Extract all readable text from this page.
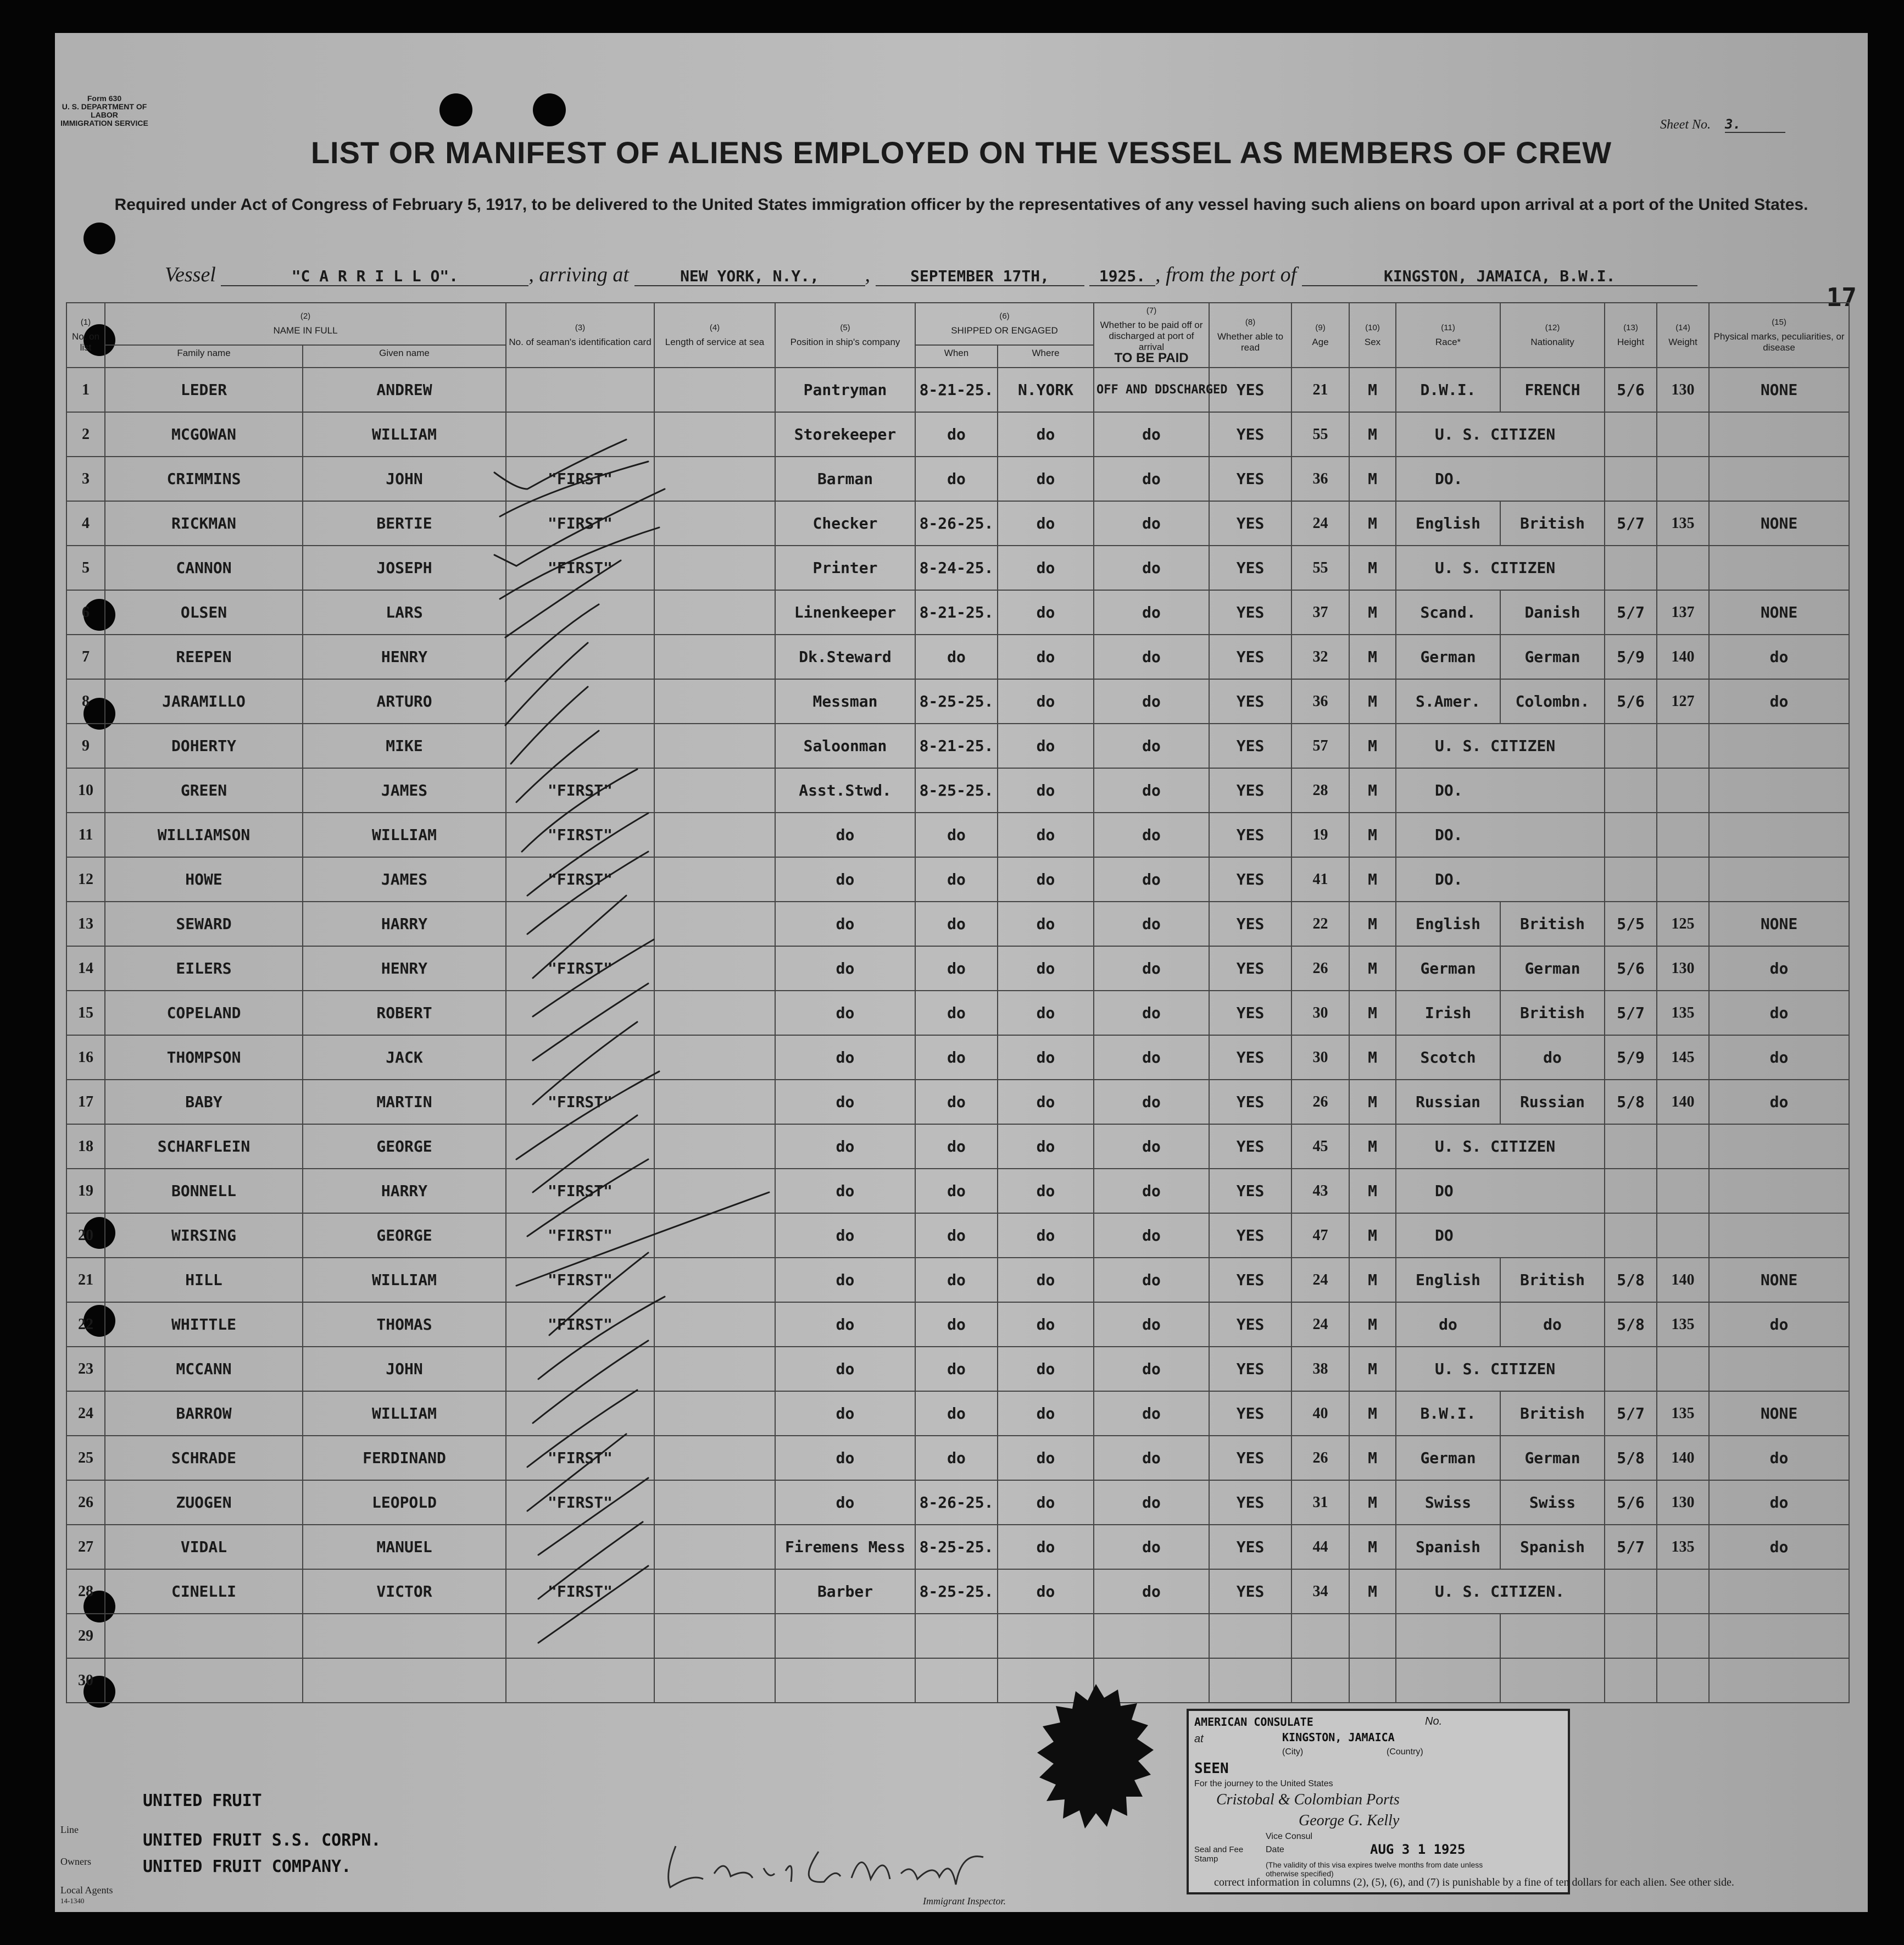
Form 630
U. S. DEPARTMENT OF LABOR
IMMIGRATION SERVICE	Sheet No. 3.
LIST OR MANIFEST OF ALIENS EMPLOYED ON THE VESSEL AS MEMBERS OF CREW
Required under Act of Congress of February 5, 1917, to be delivered to the United States immigration officer by the representatives of any vessel having such aliens on board upon arrival at a port of the United States.
Vessel	"C A R R I L L O".	, arriving at	NEW YORK, N.Y., , SEPTEMBER 17TH,	1925. , from the port of	KINGSTON, JAMAICA, B.W.I.
17
(1)
No. on list	(2)
NAME IN FULL		(3)
No. of seaman's identification card	(4)
Length of service at sea	(5)
Position in ship's company	(6)
SHIPPED OR ENGAGED		(7)
Whether to be paid off or discharged at port of arrival
TO BE PAID	(8)
Whether able to read	(9)
Age	(10)
Sex	(11)
Race*	(12)
Nationality	(13)
Height	(14)
Weight	(15)
Physical marks, peculiarities, or disease
	Family name	Given name				When	Where									
1	LEDER	ANDREW			Pantryman	8-21-25.	N.YORK	OFF AND DDSCHARGED	YES	21	M	D.W.I.	FRENCH	5/6	130	NONE
2	MCGOWAN	WILLIAM			Storekeeper	do	do	do	YES	55	M	U. S. CITIZEN				
3	CRIMMINS	JOHN	"FIRST"		Barman	do	do	do	YES	36	M	DO.				
4	RICKMAN	BERTIE	"FIRST"		Checker	8-26-25.	do	do	YES	24	M	English	British	5/7	135	NONE
5	CANNON	JOSEPH	"FIRST"		Printer	8-24-25.	do	do	YES	55	M	U. S. CITIZEN				
6	OLSEN	LARS			Linenkeeper	8-21-25.	do	do	YES	37	M	Scand.	Danish	5/7	137	NONE
7	REEPEN	HENRY			Dk.Steward	do	do	do	YES	32	M	German	German	5/9	140	do
8	JARAMILLO	ARTURO			Messman	8-25-25.	do	do	YES	36	M	S.Amer.	Colombn.	5/6	127	do
9	DOHERTY	MIKE			Saloonman	8-21-25.	do	do	YES	57	M	U. S. CITIZEN				
10	GREEN	JAMES	"FIRST"		Asst.Stwd.	8-25-25.	do	do	YES	28	M	DO.				
11	WILLIAMSON	WILLIAM	"FIRST"		do	do	do	do	YES	19	M	DO.				
12	HOWE	JAMES	"FIRST"		do	do	do	do	YES	41	M	DO.				
13	SEWARD	HARRY			do	do	do	do	YES	22	M	English	British	5/5	125	NONE
14	EILERS	HENRY	"FIRST"		do	do	do	do	YES	26	M	German	German	5/6	130	do
15	COPELAND	ROBERT			do	do	do	do	YES	30	M	Irish	British	5/7	135	do
16	THOMPSON	JACK			do	do	do	do	YES	30	M	Scotch	do	5/9	145	do
17	BABY	MARTIN	"FIRST"		do	do	do	do	YES	26	M	Russian	Russian	5/8	140	do
18	SCHARFLEIN	GEORGE			do	do	do	do	YES	45	M	U. S. CITIZEN				
19	BONNELL	HARRY	"FIRST"		do	do	do	do	YES	43	M	DO				
20	WIRSING	GEORGE	"FIRST"		do	do	do	do	YES	47	M	DO				
21	HILL	WILLIAM	"FIRST"		do	do	do	do	YES	24	M	English	British	5/8	140	NONE
22	WHITTLE	THOMAS	"FIRST"		do	do	do	do	YES	24	M	do	do	5/8	135	do
23	MCCANN	JOHN			do	do	do	do	YES	38	M	U. S. CITIZEN				
24	BARROW	WILLIAM			do	do	do	do	YES	40	M	B.W.I.	British	5/7	135	NONE
25	SCHRADE	FERDINAND	"FIRST"		do	do	do	do	YES	26	M	German	German	5/8	140	do
26	ZUOGEN	LEOPOLD	"FIRST"		do	8-26-25.	do	do	YES	31	M	Swiss	Swiss	5/6	130	do
27	VIDAL	MANUEL			Firemens Mess	8-25-25.	do	do	YES	44	M	Spanish	Spanish	5/7	135	do
28	CINELLI	VICTOR	"FIRST"		Barber	8-25-25.	do	do	YES	34	M	U. S. CITIZEN.				
29																
30																
Line
Owners
Local Agents
14-1340
UNITED FRUIT
UNITED FRUIT S.S. CORPN.
UNITED FRUIT COMPANY.
Immigrant Inspector.
AMERICAN CONSULATE	No.
at	KINGSTON, JAMAICA
(City)	(Country)
SEEN
For the journey to the United States
Cristobal & Colombian Ports
George G. Kelly
Vice Consul
Date	AUG 3 1 1925
Seal and Fee Stamp
(The validity of this visa expires twelve months from date unless otherwise specified)
correct information in columns (2), (5), (6), and (7) is punishable by a fine of ten dollars for each alien. See other side.
